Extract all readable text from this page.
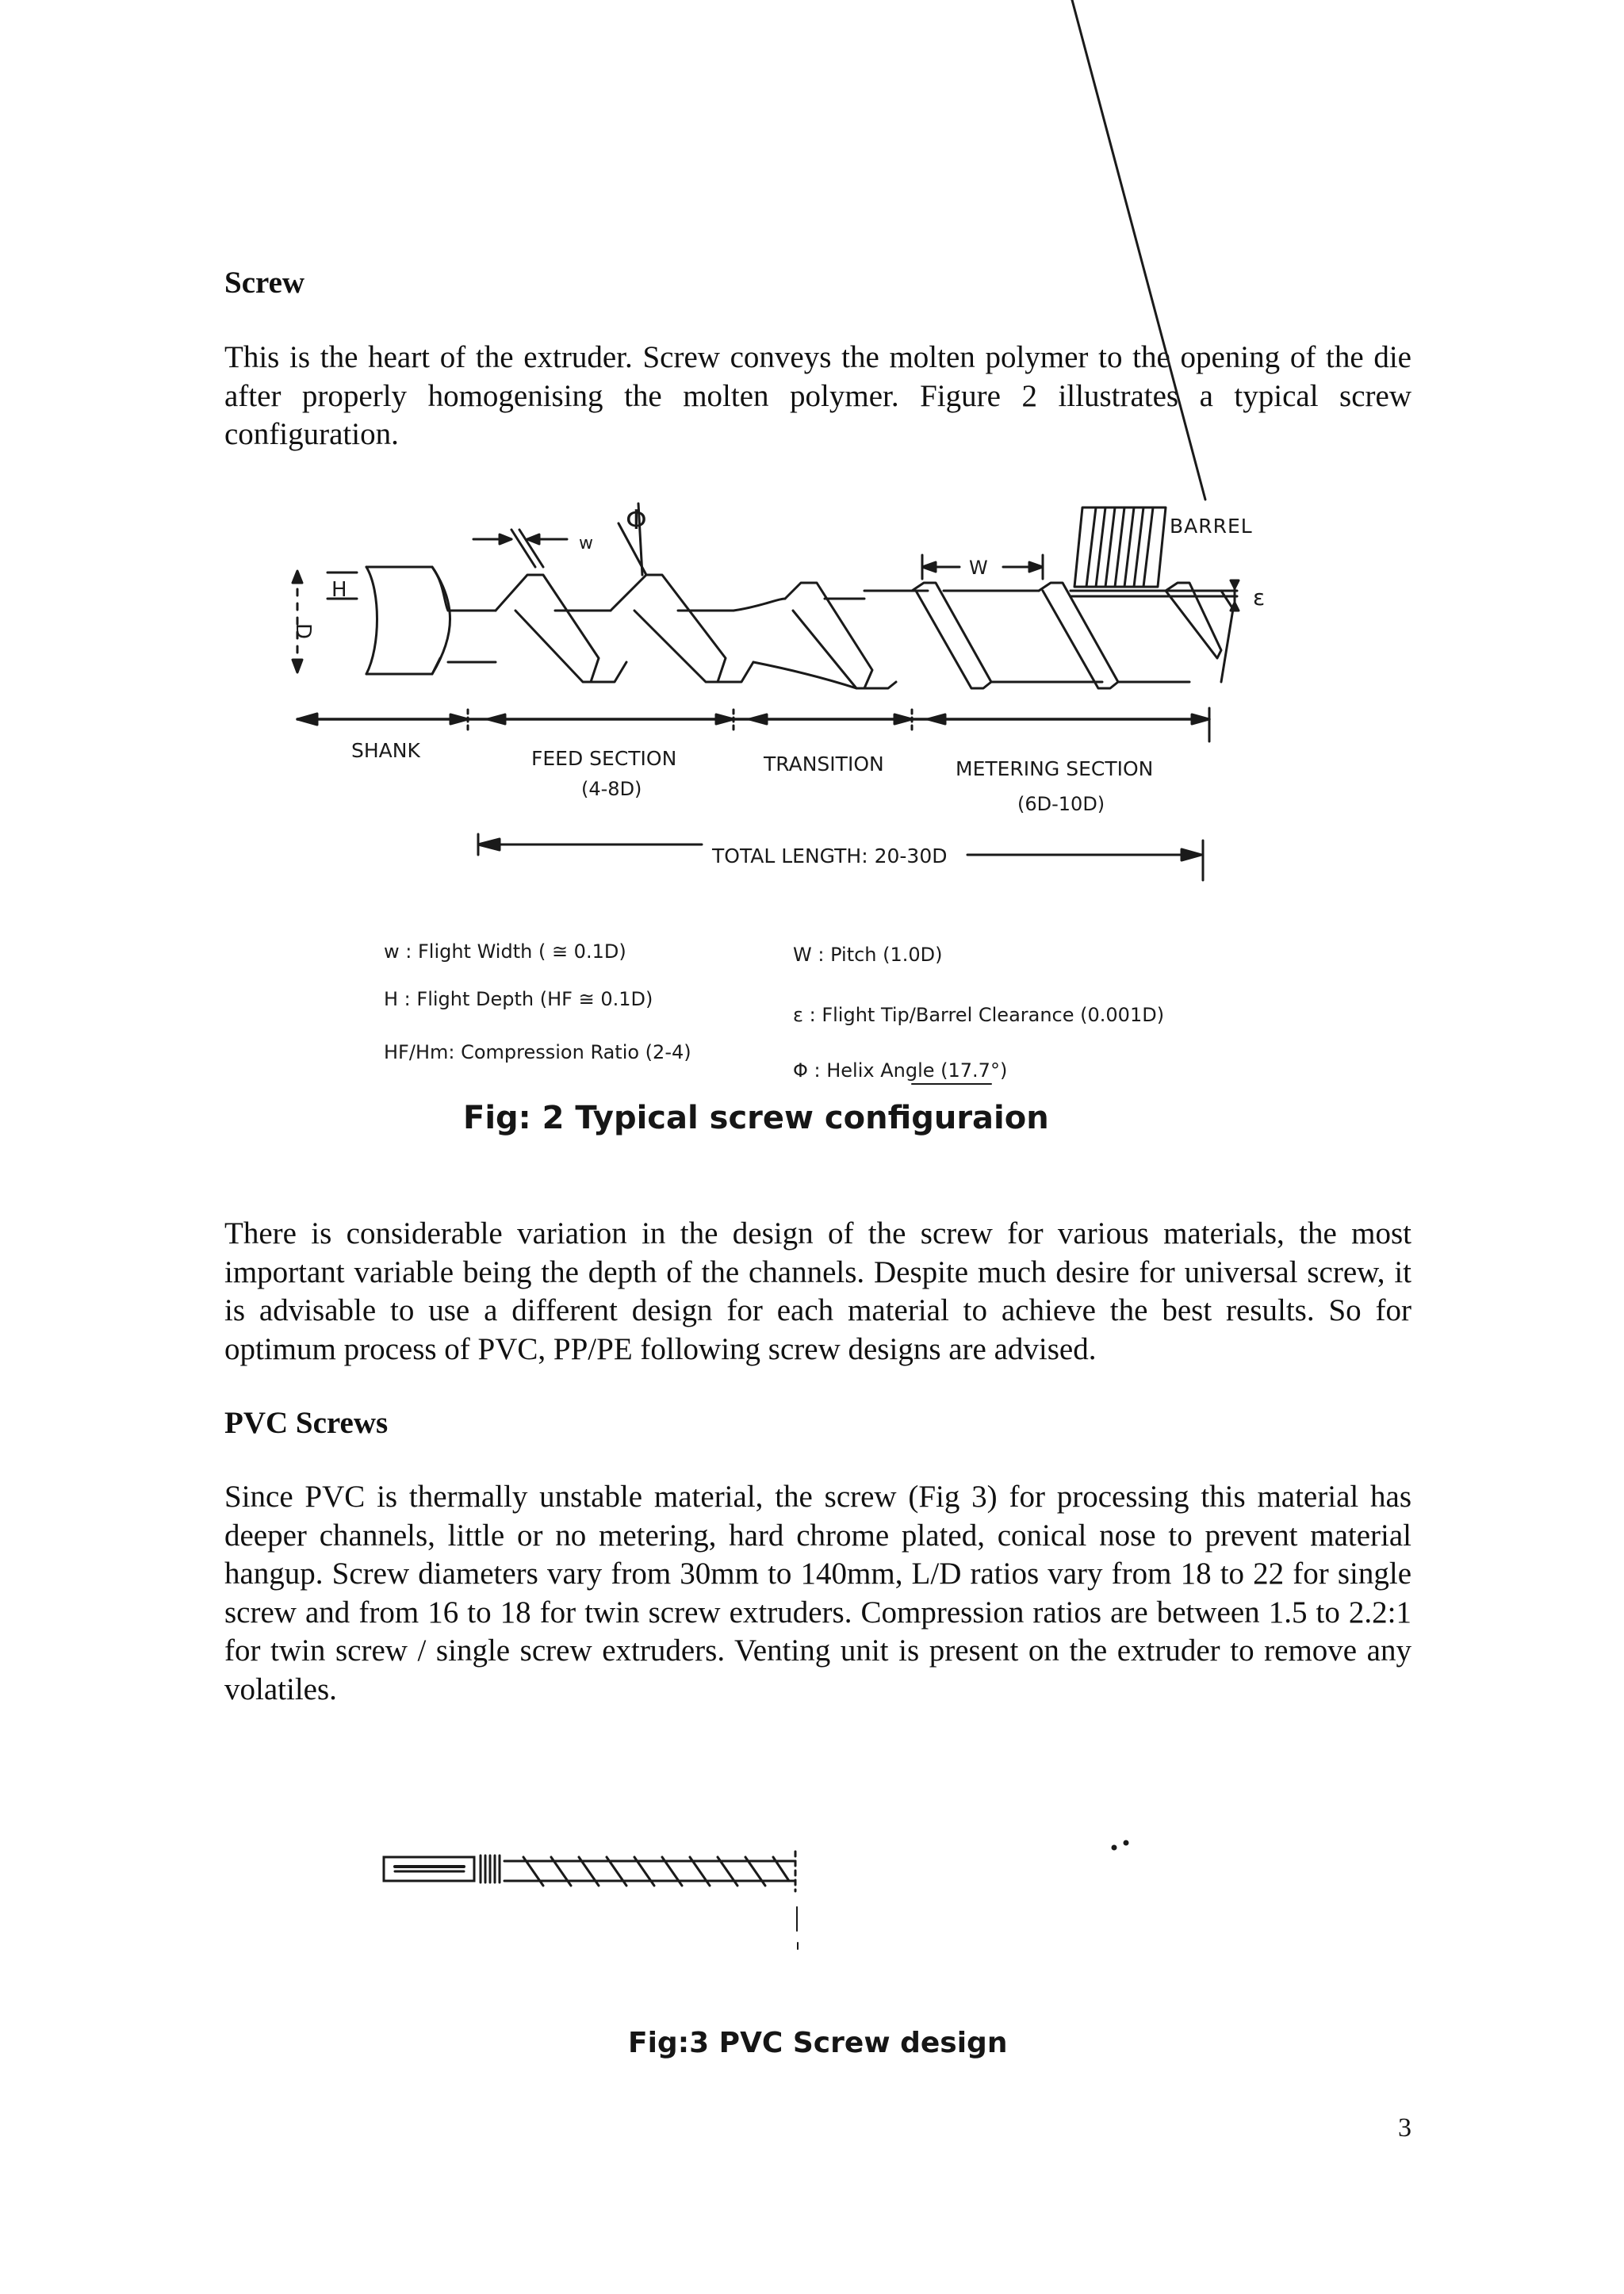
Screw

This is the heart of the extruder. Screw conveys the molten polymer to the opening of the die after properly homogenising the molten polymer. Figure 2 illustrates a typical screw configuration.

BARREL
w
Φ
W
ε
H
D
SHANK	FEED SECTION
(4-8D)
TRANSITION	METERING SECTION
(6D-10D)
TOTAL LENGTH: 20-30D
w : Flight Width ( ≅ 0.1D)
H : Flight Depth (HF ≅ 0.1D)
HF/Hm: Compression Ratio (2-4)
W : Pitch (1.0D)
ε : Flight Tip/Barrel Clearance (0.001D)
Φ : Helix Angle (17.7°)

Fig: 2 Typical screw configuraion

There is considerable variation in the design of the screw for various materials, the most important variable being the depth of the channels. Despite much desire for universal screw, it is advisable to use a different design for each material to achieve the best results. So for optimum process of PVC, PP/PE following screw designs are advised.

PVC Screws

Since PVC is thermally unstable material, the screw (Fig 3) for processing this material has deeper channels, little or no metering, hard chrome plated, conical nose to prevent material hangup. Screw diameters vary from 30mm to 140mm, L/D ratios vary from 18 to 22 for single screw and from 16 to 18 for twin screw extruders. Compression ratios are between 1.5 to 2.2:1 for twin screw / single screw extruders. Venting unit is present on the extruder to remove any volatiles.

Fig:3 PVC Screw design

3
